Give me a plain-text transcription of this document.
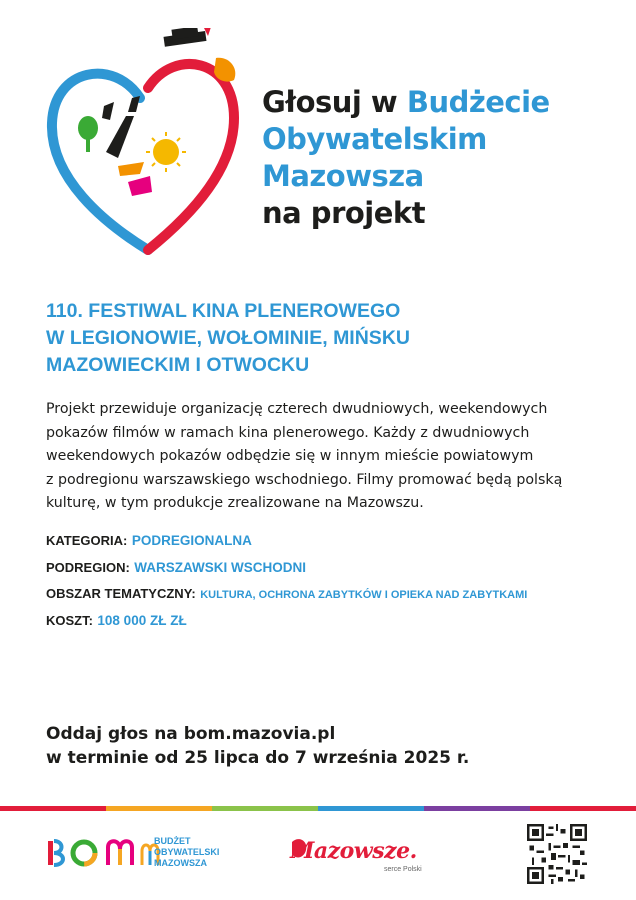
Głosuj w Budżecie
Obywatelskim
Mazowsza
na projekt
110. FESTIWAL KINA PLENEROWEGO
W LEGIONOWIE, WOŁOMINIE, MIŃSKU
MAZOWIECKIM I OTWOCKU
Projekt przewiduje organizację czterech dwudniowych, weekendowych
pokazów filmów w ramach kina plenerowego. Każdy z dwudniowych
weekendowych pokazów odbędzie się w innym mieście powiatowym
z podregionu warszawskiego wschodniego. Filmy promować będą polską
kulturę, w tym produkcje zrealizowane na Mazowszu.
KATEGORIA: PODREGIONALNA
PODREGION: WARSZAWSKI WSCHODNI
OBSZAR TEMATYCZNY: KULTURA, OCHRONA ZABYTKÓW I OPIEKA NAD ZABYTKAMI
KOSZT: 108 000 ZŁ ZŁ
Oddaj głos na bom.mazovia.pl
w terminie od 25 lipca do 7 września 2025 r.
BUDŻET
OBYWATELSKI
MAZOWSZA	Mazowsze.
serce Polski
